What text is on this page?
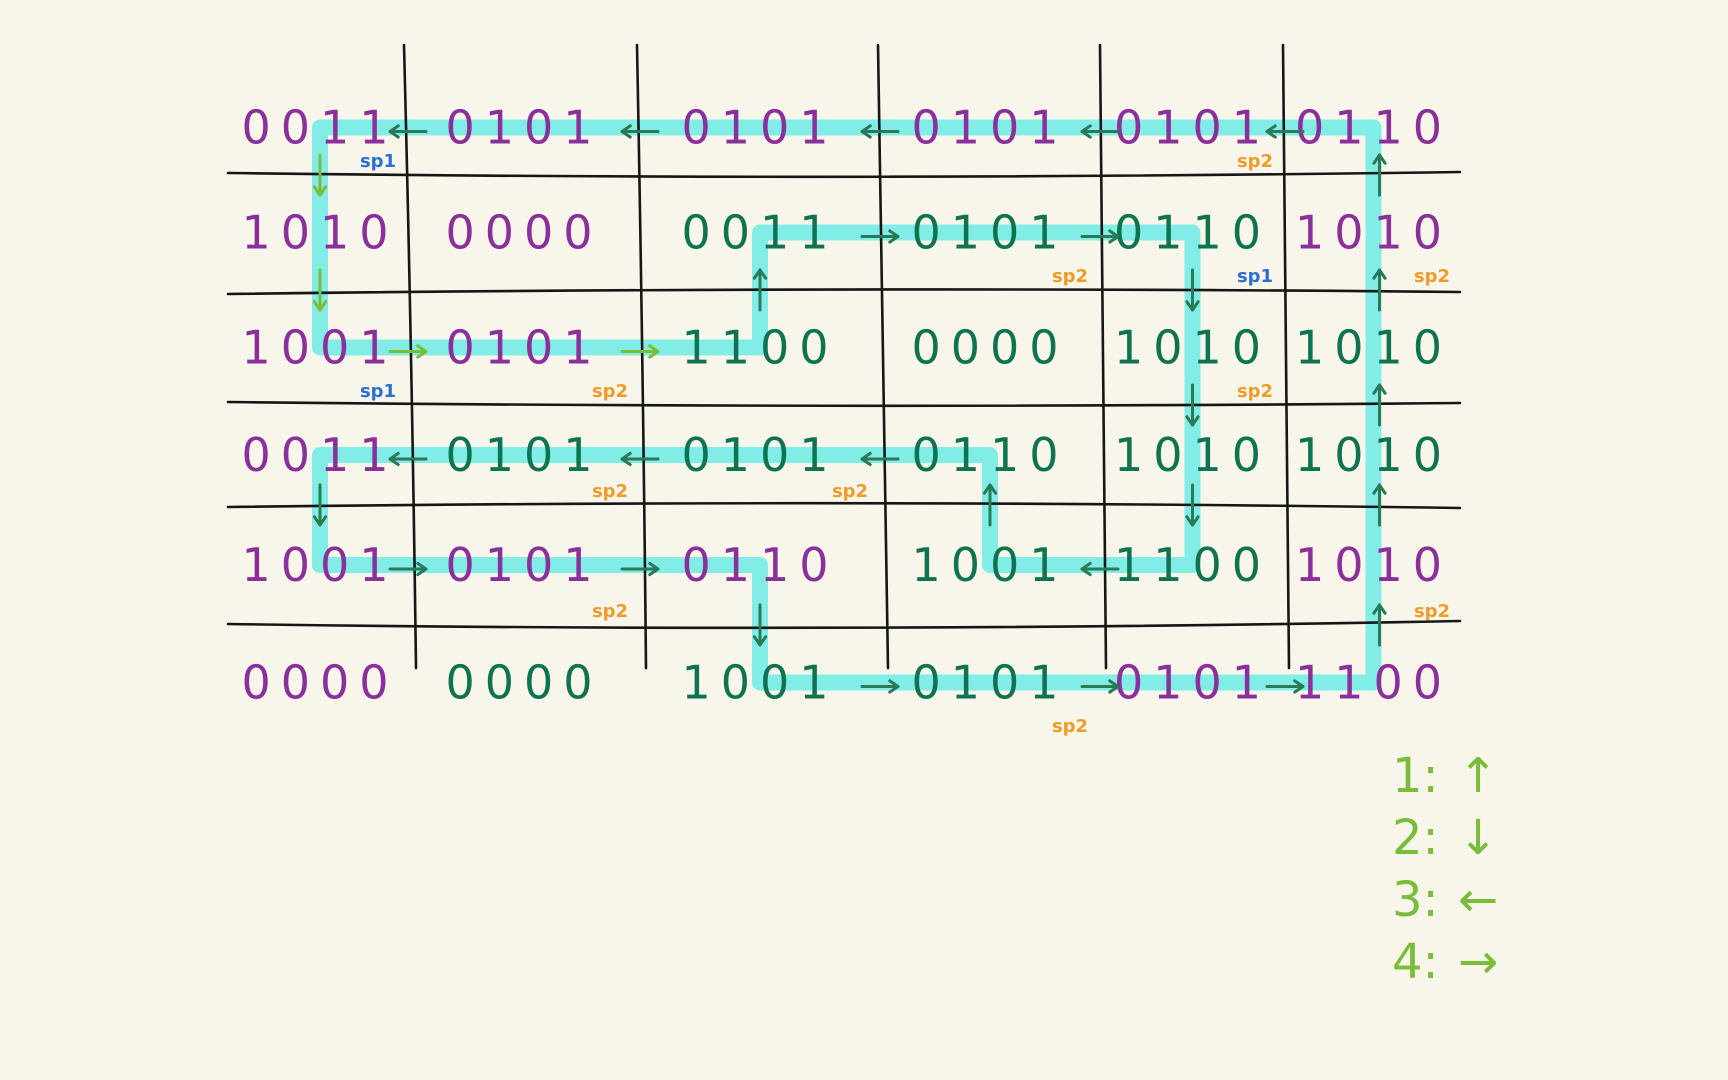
0011 0101 0101 0101 0101 0110
1010 0000 0011 0101 0110 1010
1001 0101 1100 0000 1010 1010
0011 0101 0101 0110 1010 1010
1001 0101 0110 1001 1100 1010
0000 0000 1001 0101 0101 1100
sp1	sp2
sp2	sp1	sp2
sp1	sp2	sp2
sp2	sp2
sp2	sp2
sp2
1: ↑
2: ↓
3: ←
4: →
